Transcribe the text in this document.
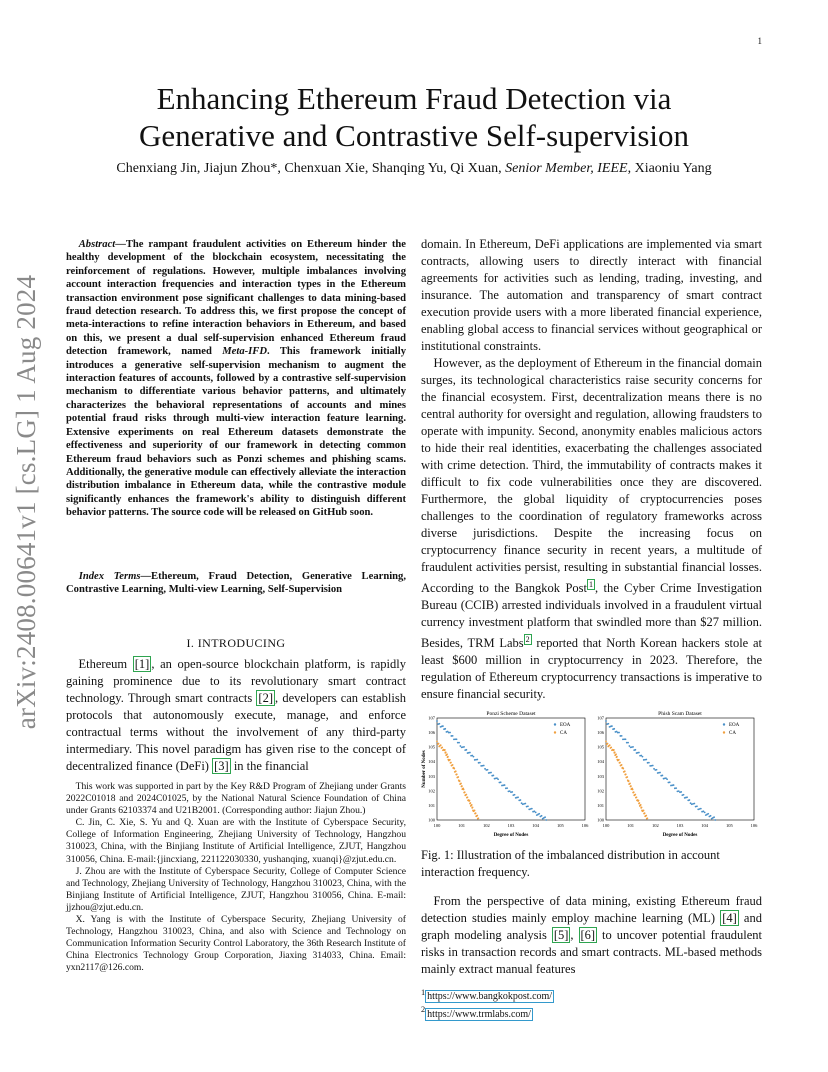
1
arXiv:2408.00641v1 [cs.LG] 1 Aug 2024
Enhancing Ethereum Fraud Detection via
Generative and Contrastive Self-supervision
Chenxiang Jin, Jiajun Zhou*, Chenxuan Xie, Shanqing Yu, Qi Xuan, Senior Member, IEEE, Xiaoniu Yang
Abstract—The rampant fraudulent activities on Ethereum hinder the healthy development of the blockchain ecosystem, necessitating the reinforcement of regulations. However, multiple imbalances involving account interaction frequencies and interaction types in the Ethereum transaction environment pose significant challenges to data mining-based fraud detection research. To address this, we first propose the concept of meta-interactions to refine interaction behaviors in Ethereum, and based on this, we present a dual self-supervision enhanced Ethereum fraud detection framework, named Meta-IFD. This framework initially introduces a generative self-supervision mechanism to augment the interaction features of accounts, followed by a contrastive self-supervision mechanism to differentiate various behavior patterns, and ultimately characterizes the behavioral representations of accounts and mines potential fraud risks through multi-view interaction feature learning. Extensive experiments on real Ethereum datasets demonstrate the effectiveness and superiority of our framework in detecting common Ethereum fraud behaviors such as Ponzi schemes and phishing scams. Additionally, the generative module can effectively alleviate the interaction distribution imbalance in Ethereum data, while the contrastive module significantly enhances the framework's ability to distinguish different behavior patterns. The source code will be released on GitHub soon.
Index Terms—Ethereum, Fraud Detection, Generative Learning, Contrastive Learning, Multi-view Learning, Self-Supervision
I. INTRODUCING

Ethereum [1] , an open-source blockchain platform, is rapidly gaining prominence due to its revolutionary smart contract technology. Through smart contracts [2] , developers can establish protocols that autonomously execute, manage, and enforce contractual terms without the involvement of any third-party intermediary. This novel paradigm has given rise to the concept of decentralized finance (DeFi) [3] in the financial

This work was supported in part by the Key R&D Program of Zhejiang under Grants 2022C01018 and 2024C01025, by the National Natural Science Foundation of China under Grants 62103374 and U21B2001. (Corresponding author: Jiajun Zhou.)

C. Jin, C. Xie, S. Yu and Q. Xuan are with the Institute of Cyberspace Security, College of Information Engineering, Zhejiang University of Technology, Hangzhou 310023, China, with the Binjiang Institute of Artificial Intelligence, ZJUT, Hangzhou 310056, China. E-mail:{jincxiang, 221122030330, yushanqing, xuanqi}@zjut.edu.cn.

J. Zhou are with the Institute of Cyberspace Security, College of Computer Science and Technology, Zhejiang University of Technology, Hangzhou 310023, China, with the Binjiang Institute of Artificial Intelligence, ZJUT, Hangzhou 310056, China. E-mail: jjzhou@zjut.edu.cn.

X. Yang is with the Institute of Cyberspace Security, Zhejiang University of Technology, Hangzhou 310023, China, and also with Science and Technology on Communication Information Security Control Laboratory, the 36th Research Institute of China Electronics Technology Group Corporation, Jiaxing 314033, China. Email: yxn2117@126.com.

domain. In Ethereum, DeFi applications are implemented via smart contracts, allowing users to directly interact with financial agreements for activities such as lending, trading, investing, and insurance. The automation and transparency of smart contract execution provide users with a more liberated financial experience, enabling global access to financial services without geographical or institutional constraints.

However, as the deployment of Ethereum in the financial domain surges, its technological characteristics raise security concerns for the financial ecosystem. First, decentralization means there is no central authority for oversight and regulation, allowing fraudsters to operate with impunity. Second, anonymity enables malicious actors to hide their real identities, exacerbating the challenges associated with crime detection. Third, the immutability of contracts makes it difficult to fix code vulnerabilities once they are discovered. Furthermore, the global liquidity of cryptocurrencies poses challenges to the coordination of regulatory frameworks across diverse jurisdictions. Despite the increasing focus on cryptocurrency finance security in recent years, a multitude of fraudulent activities persist, resulting in substantial financial losses. According to the Bangkok Post $^1$ , the Cyber Crime Investigation Bureau (CCIB) arrested individuals involved in a fraudulent virtual currency investment platform that swindled more than $27 million. Besides, TRM Labs $^2$ reported that North Korean hackers stole at least $600 million in cryptocurrency in 2023. Therefore, the regulation of Ethereum cryptocurrency transactions is imperative to ensure financial security.

Ponzi Scheme Dataset
Degree of Nodes
Number of Nodes
100	101	102	103	104	105	106
100
101
102
103
104
105
106
107
EOA
CA
Phish Scam Dataset
Degree of Nodes
100	101	102	103	104	105	106
100
101
102
103
104
105
106
107
EOA
CA
Fig. 1: Illustration of the imbalanced distribution in account interaction frequency.

From the perspective of data mining, existing Ethereum fraud detection studies mainly employ machine learning (ML) [4] and graph modeling analysis [5] , [6] to uncover potential fraudulent risks in transaction records and smart contracts. ML-based methods mainly extract manual features

$^1$ https://www.bangkokpost.com/
$^2$ https://www.trmlabs.com/
